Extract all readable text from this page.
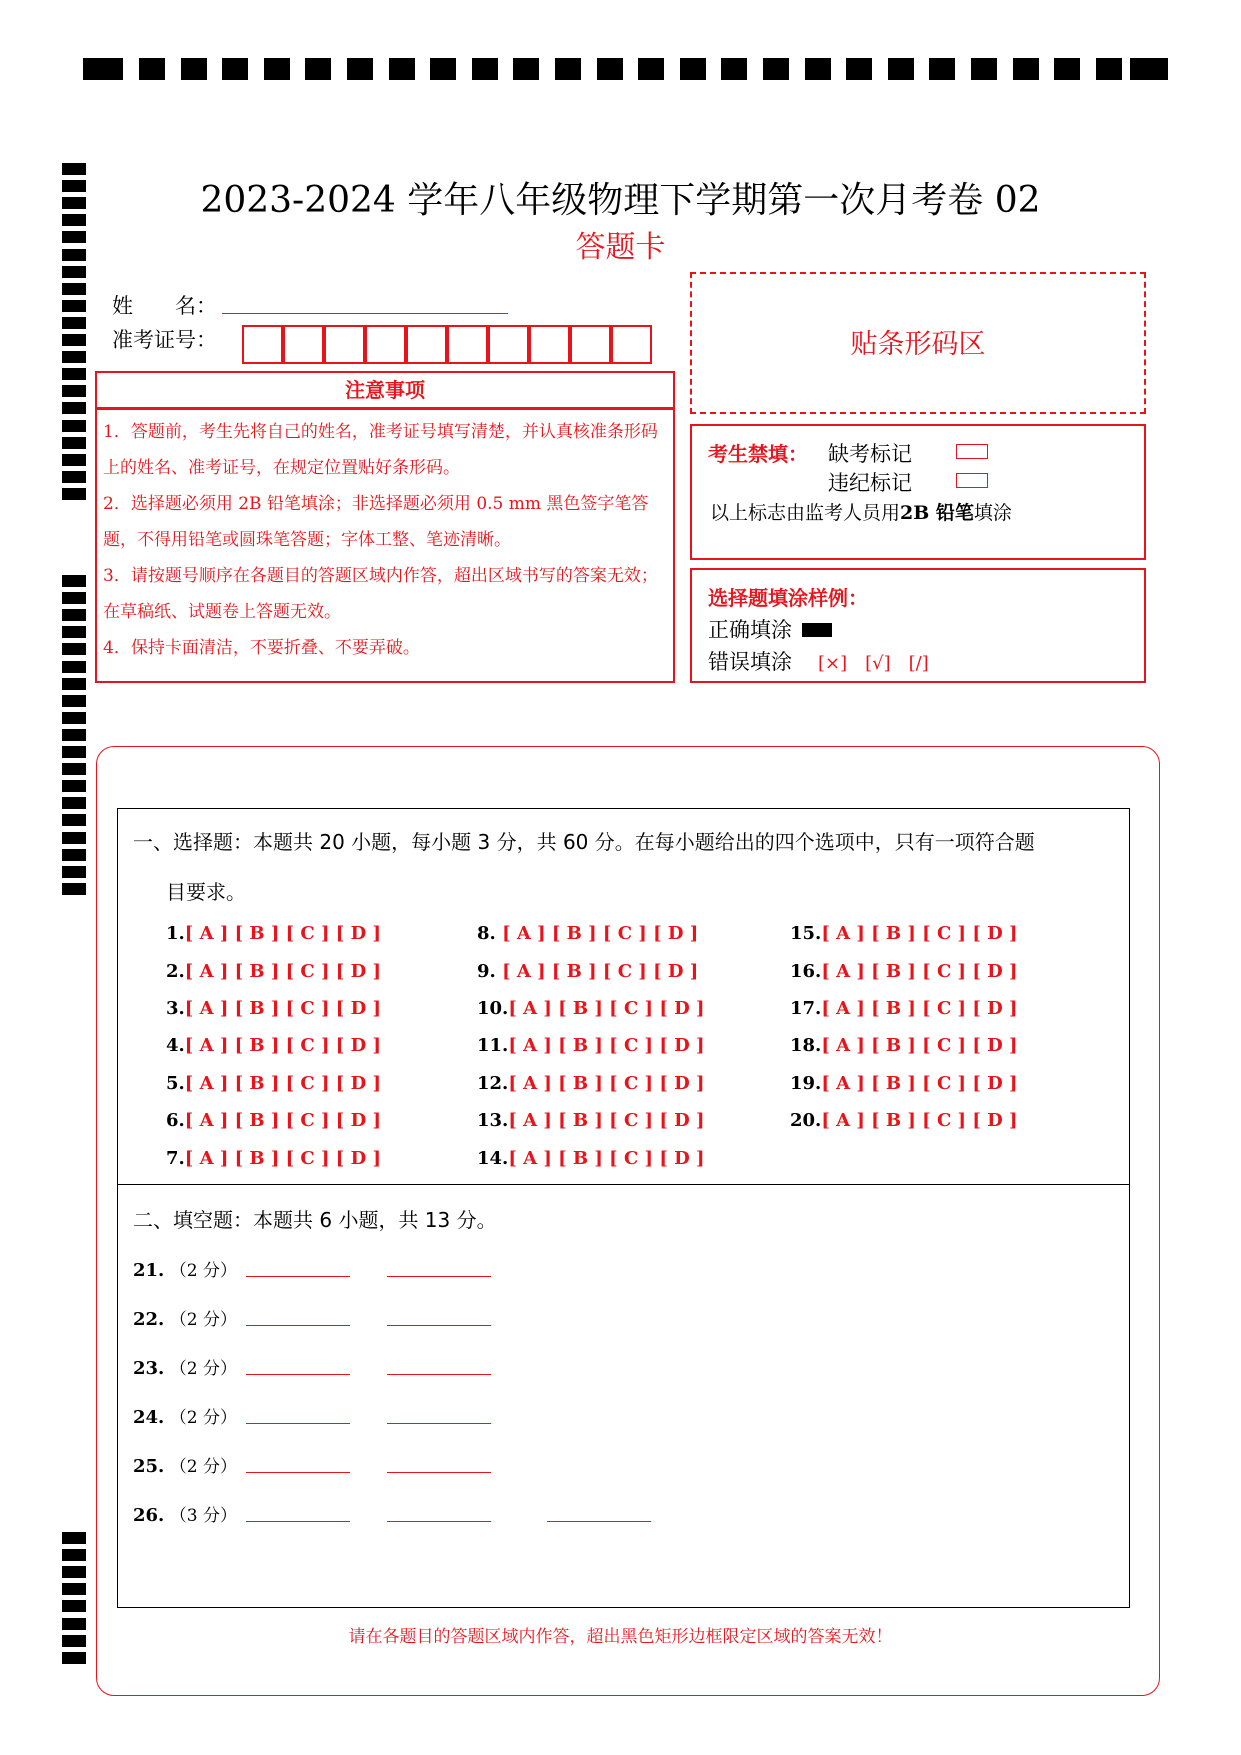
2023-2024 学年八年级物理下学期第一次月考卷 02
答题卡
姓　　名：
准考证号：	贴条形码区
注意事项
1．答题前，考生先将自己的姓名，准考证号填写清楚，并认真核准条形码上的姓名、准考证号，在规定位置贴好条形码。
2．选择题必须用 2B 铅笔填涂；非选择题必须用 0.5 mm 黑色签字笔答题，不得用铅笔或圆珠笔答题；字体工整、笔迹清晰。
3．请按题号顺序在各题目的答题区域内作答，超出区域书写的答案无效；在草稿纸、试题卷上答题无效。
4．保持卡面清洁，不要折叠、不要弄破。
考生禁填： 缺考标记
违纪标记
以上标志由监考人员用2B 铅笔填涂
选择题填涂样例：
正确填涂
错误填涂 [×]　[√]　[/]
一、选择题：本题共 20 小题，每小题 3 分，共 60 分。在每小题给出的四个选项中，只有一项符合题
目要求。
1.[ A ] [ B ] [ C ] [ D ]
2.[ A ] [ B ] [ C ] [ D ]
3.[ A ] [ B ] [ C ] [ D ]
4.[ A ] [ B ] [ C ] [ D ]
5.[ A ] [ B ] [ C ] [ D ]
6.[ A ] [ B ] [ C ] [ D ]
7.[ A ] [ B ] [ C ] [ D ]
8. [ A ] [ B ] [ C ] [ D ]
9. [ A ] [ B ] [ C ] [ D ]
10.[ A ] [ B ] [ C ] [ D ]
11.[ A ] [ B ] [ C ] [ D ]
12.[ A ] [ B ] [ C ] [ D ]
13.[ A ] [ B ] [ C ] [ D ]
14.[ A ] [ B ] [ C ] [ D ]
15.[ A ] [ B ] [ C ] [ D ]
16.[ A ] [ B ] [ C ] [ D ]
17.[ A ] [ B ] [ C ] [ D ]
18.[ A ] [ B ] [ C ] [ D ]
19.[ A ] [ B ] [ C ] [ D ]
20.[ A ] [ B ] [ C ] [ D ]
二、填空题：本题共 6 小题，共 13 分。
21. （2 分）
22. （2 分）
23. （2 分）
24. （2 分）
25. （2 分）
26. （3 分）
请在各题目的答题区域内作答，超出黑色矩形边框限定区域的答案无效！
